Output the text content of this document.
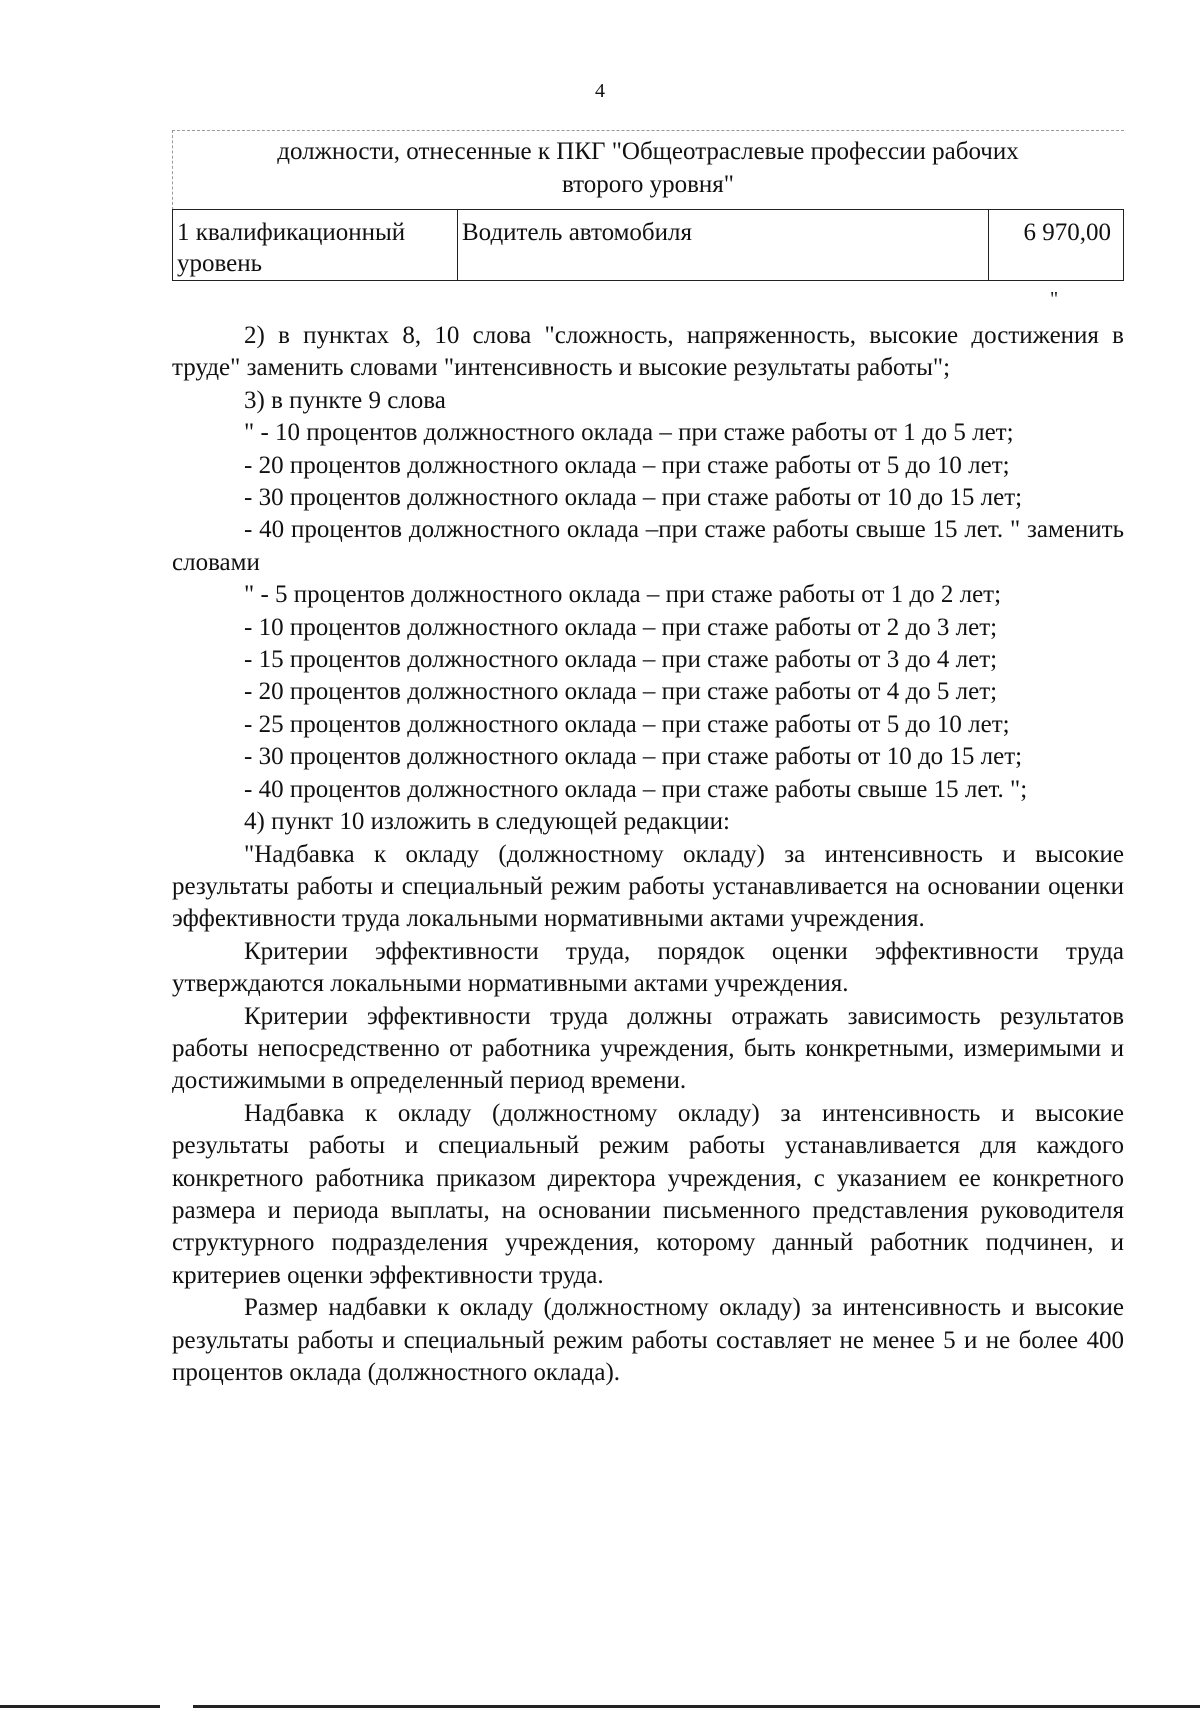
4
должности, отнесенные к ПКГ "Общеотраслевые профессии рабочих
второго уровня"
1 квалификационный уровень	Водитель автомобиля	6 970,00
"

2) в пунктах 8, 10 слова "сложность, напряженность, высокие достижения в труде" заменить словами "интенсивность и высокие результаты работы";

3) в пункте 9 слова

" - 10 процентов должностного оклада – при стаже работы от 1 до 5 лет;

- 20 процентов должностного оклада – при стаже работы от 5 до 10 лет;

- 30 процентов должностного оклада – при стаже работы от 10 до 15 лет;

- 40 процентов должностного оклада –при стаже работы свыше 15 лет. " заменить словами

" - 5 процентов должностного оклада – при стаже работы от 1 до 2 лет;

- 10 процентов должностного оклада – при стаже работы от 2 до 3 лет;

- 15 процентов должностного оклада – при стаже работы от 3 до 4 лет;

- 20 процентов должностного оклада – при стаже работы от 4 до 5 лет;

- 25 процентов должностного оклада – при стаже работы от 5 до 10 лет;

- 30 процентов должностного оклада – при стаже работы от 10 до 15 лет;

- 40 процентов должностного оклада – при стаже работы свыше 15 лет. ";

4) пункт 10 изложить в следующей редакции:

"Надбавка к окладу (должностному окладу) за интенсивность и высокие результаты работы и специальный режим работы устанавливается на основании оценки эффективности труда локальными нормативными актами учреждения.

Критерии эффективности труда, порядок оценки эффективности труда утверждаются локальными нормативными актами учреждения.

Критерии эффективности труда должны отражать зависимость результатов работы непосредственно от работника учреждения, быть конкретными, измеримыми и достижимыми в определенный период времени.

Надбавка к окладу (должностному окладу) за интенсивность и высокие результаты работы и специальный режим работы устанавливается для каждого конкретного работника приказом директора учреждения, с указанием ее конкретного размера и периода выплаты, на основании письменного представления руководителя структурного подразделения учреждения, которому данный работник подчинен, и критериев оценки эффективности труда.

Размер надбавки к окладу (должностному окладу) за интенсивность и высокие результаты работы и специальный режим работы составляет не менее 5 и не более 400 процентов оклада (должностного оклада).
